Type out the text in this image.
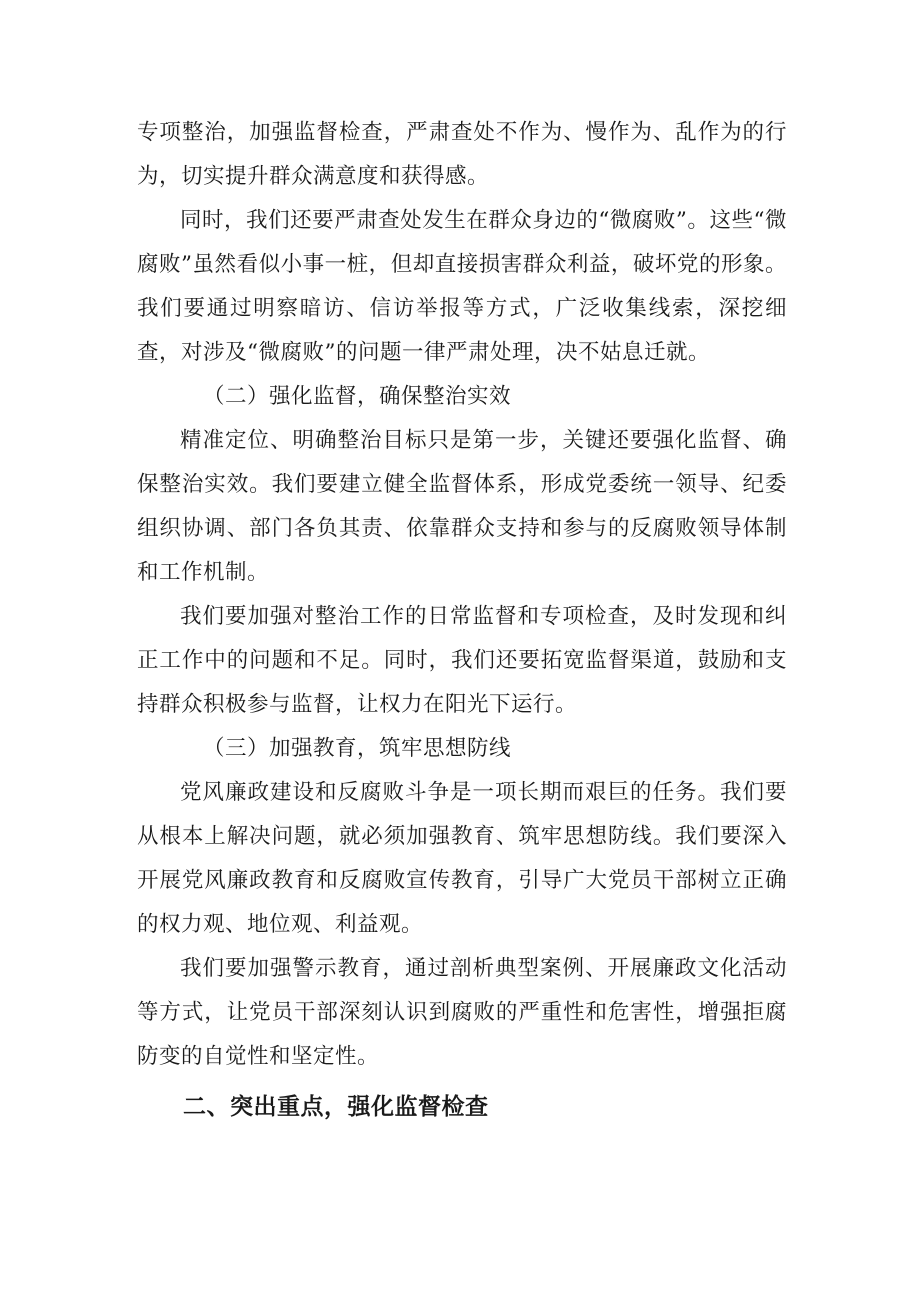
专项整治，加强监督检查，严肃查处不作为、慢作为、乱作为的行为，切实提升群众满意度和获得感。

同时，我们还要严肃查处发生在群众身边的“微腐败”。这些“微腐败”虽然看似小事一桩，但却直接损害群众利益，破坏党的形象。我们要通过明察暗访、信访举报等方式，广泛收集线索，深挖细查，对涉及“微腐败”的问题一律严肃处理，决不姑息迁就。

（二）强化监督，确保整治实效

精准定位、明确整治目标只是第一步，关键还要强化监督、确保整治实效。我们要建立健全监督体系，形成党委统一领导、纪委组织协调、部门各负其责、依靠群众支持和参与的反腐败领导体制和工作机制。

我们要加强对整治工作的日常监督和专项检查，及时发现和纠正工作中的问题和不足。同时，我们还要拓宽监督渠道，鼓励和支持群众积极参与监督，让权力在阳光下运行。

（三）加强教育，筑牢思想防线

党风廉政建设和反腐败斗争是一项长期而艰巨的任务。我们要从根本上解决问题，就必须加强教育、筑牢思想防线。我们要深入开展党风廉政教育和反腐败宣传教育，引导广大党员干部树立正确的权力观、地位观、利益观。

我们要加强警示教育，通过剖析典型案例、开展廉政文化活动等方式，让党员干部深刻认识到腐败的严重性和危害性，增强拒腐防变的自觉性和坚定性。

二、突出重点，强化监督检查
